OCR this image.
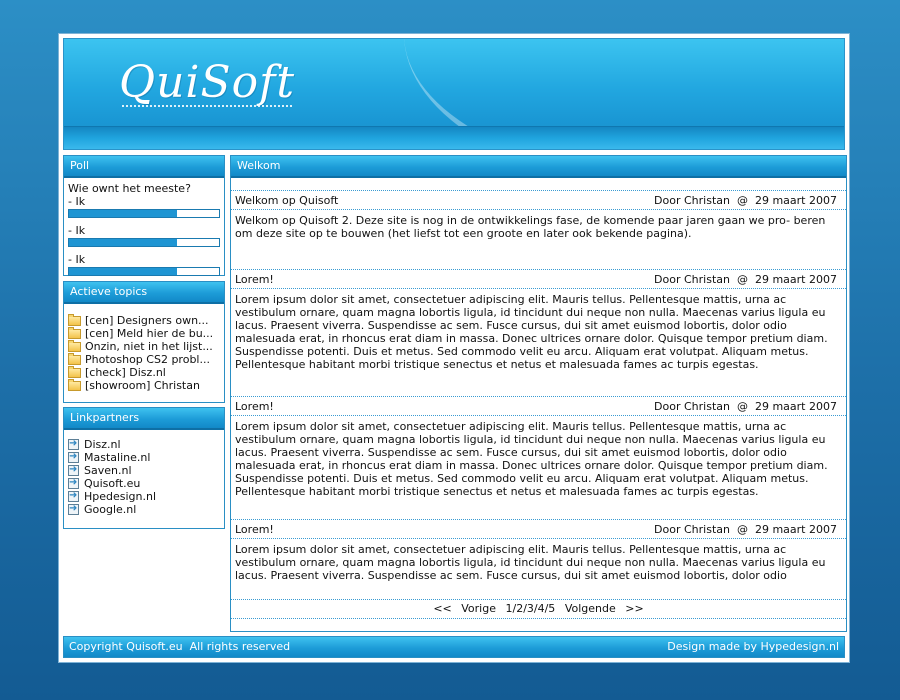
QuiSoft
Poll
Wie ownt het meeste?
- Ik
- Ik
- Ik
Actieve topics
[cen] Designers own...
[cen] Meld hier de bu...
Onzin, niet in het lijst...
Photoshop CS2 probl...
[check] Disz.nl
[showroom] Christan
Linkpartners
➜
Disz.nl
➜
Mastaline.nl
➜
Saven.nl
➜
Quisoft.eu
➜
Hpedesign.nl
➜
Google.nl
Welkom
Welkom op Quisoft	Door Christan  @  29 maart 2007
Welkom op Quisoft 2. Deze site is nog in de ontwikkelings fase, de komende paar jaren gaan we pro- beren om deze site op te bouwen (het liefst tot een groote en later ook bekende pagina).
Lorem!	Door Christan  @  29 maart 2007
Lorem ipsum dolor sit amet, consectetuer adipiscing elit. Mauris tellus. Pellentesque mattis, urna ac vestibulum ornare, quam magna lobortis ligula, id tincidunt dui neque non nulla. Maecenas varius ligula eu lacus. Praesent viverra. Suspendisse ac sem. Fusce cursus, dui sit amet euismod lobortis, dolor odio malesuada erat, in rhoncus erat diam in massa. Donec ultrices ornare dolor. Quisque tempor pretium diam. Suspendisse potenti. Duis et metus. Sed commodo velit eu arcu. Aliquam erat volutpat. Aliquam metus. Pellentesque habitant morbi tristique senectus et netus et malesuada fames ac turpis egestas.
Lorem!	Door Christan  @  29 maart 2007
Lorem ipsum dolor sit amet, consectetuer adipiscing elit. Mauris tellus. Pellentesque mattis, urna ac vestibulum ornare, quam magna lobortis ligula, id tincidunt dui neque non nulla. Maecenas varius ligula eu lacus. Praesent viverra. Suspendisse ac sem. Fusce cursus, dui sit amet euismod lobortis, dolor odio malesuada erat, in rhoncus erat diam in massa. Donec ultrices ornare dolor. Quisque tempor pretium diam. Suspendisse potenti. Duis et metus. Sed commodo velit eu arcu. Aliquam erat volutpat. Aliquam metus. Pellentesque habitant morbi tristique senectus et netus et malesuada fames ac turpis egestas.
Lorem!	Door Christan  @  29 maart 2007
Lorem ipsum dolor sit amet, consectetuer adipiscing elit. Mauris tellus. Pellentesque mattis, urna ac vestibulum ornare, quam magna lobortis ligula, id tincidunt dui neque non nulla. Maecenas varius ligula eu lacus. Praesent viverra. Suspendisse ac sem. Fusce cursus, dui sit amet euismod lobortis, dolor odio
<< Vorige 1/2/3/4/5 Volgende >>
Copyright Quisoft.eu  All rights reserved	Design made by Hypedesign.nl
